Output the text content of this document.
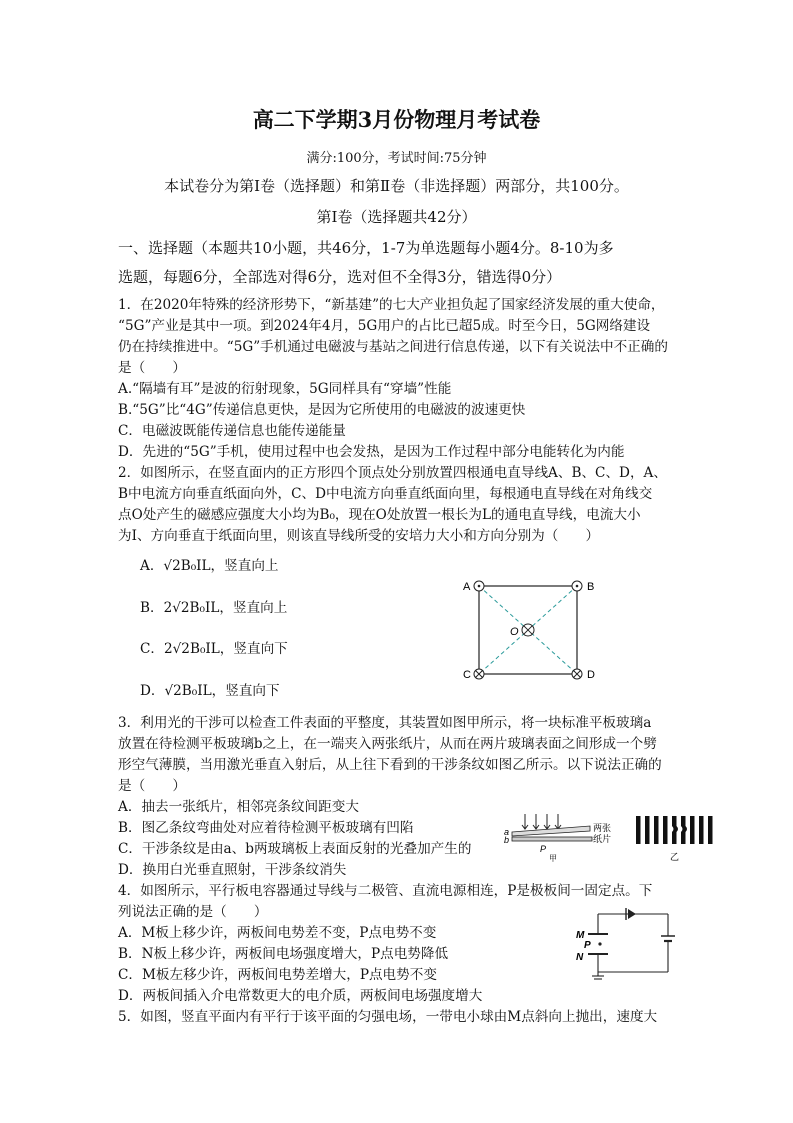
高二下学期3月份物理月考试卷
满分:100分，考试时间:75分钟
本试卷分为第Ⅰ卷（选择题）和第Ⅱ卷（非选择题）两部分，共100分。
第Ⅰ卷（选择题共42分）
一、选择题（本题共10小题，共46分，1-7为单选题每小题4分。8-10为多
选题，每题6分，全部选对得6分，选对但不全得3分，错选得0分）
1．在2020年特殊的经济形势下，“新基建”的七大产业担负起了国家经济发展的重大使命，
“5G”产业是其中一项。到2024年4月，5G用户的占比已超5成。时至今日，5G网络建设
仍在持续推进中。“5G”手机通过电磁波与基站之间进行信息传递，以下有关说法中不正确的
是（　　）
A.“隔墙有耳”是波的衍射现象，5G同样具有“穿墙”性能
B.“5G”比“4G”传递信息更快，是因为它所使用的电磁波的波速更快
C．电磁波既能传递信息也能传递能量
D．先进的“5G”手机，使用过程中也会发热，是因为工作过程中部分电能转化为内能
2．如图所示，在竖直面内的正方形四个顶点处分别放置四根通电直导线A、B、C、D，A、
B中电流方向垂直纸面向外，C、D中电流方向垂直纸面向里，每根通电直导线在对角线交
点O处产生的磁感应强度大小均为B₀，现在O处放置一根长为L的通电直导线，电流大小
为I、方向垂直于纸面向里，则该直导线所受的安培力大小和方向分别为（　　）
A．√2B₀IL，竖直向上
B．2√2B₀IL，竖直向上
C．2√2B₀IL，竖直向下
D．√2B₀IL，竖直向下
A	B
C	D
O
3．利用光的干涉可以检查工件表面的平整度，其装置如图甲所示，将一块标准平板玻璃a
放置在待检测平板玻璃b之上，在一端夹入两张纸片，从而在两片玻璃表面之间形成一个劈
形空气薄膜，当用激光垂直入射后，从上往下看到的干涉条纹如图乙所示。以下说法正确的
是（　　）
A．抽去一张纸片，相邻亮条纹间距变大
B．图乙条纹弯曲处对应着待检测平板玻璃有凹陷
C．干涉条纹是由a、b两玻璃板上表面反射的光叠加产生的
D．换用白光垂直照射，干涉条纹消失
a
b
P
甲
两张
纸片
乙
4．如图所示，平行板电容器通过导线与二极管、直流电源相连，P是极板间一固定点。下
列说法正确的是（　　）
A．M板上移少许，两板间电势差不变，P点电势不变
B．N板上移少许，两板间电场强度增大，P点电势降低
C．M板左移少许，两板间电势差增大，P点电势不变
D．两板间插入介电常数更大的电介质，两板间电场强度增大
M
P
N
5．如图，竖直平面内有平行于该平面的匀强电场，一带电小球由M点斜向上抛出，速度大
